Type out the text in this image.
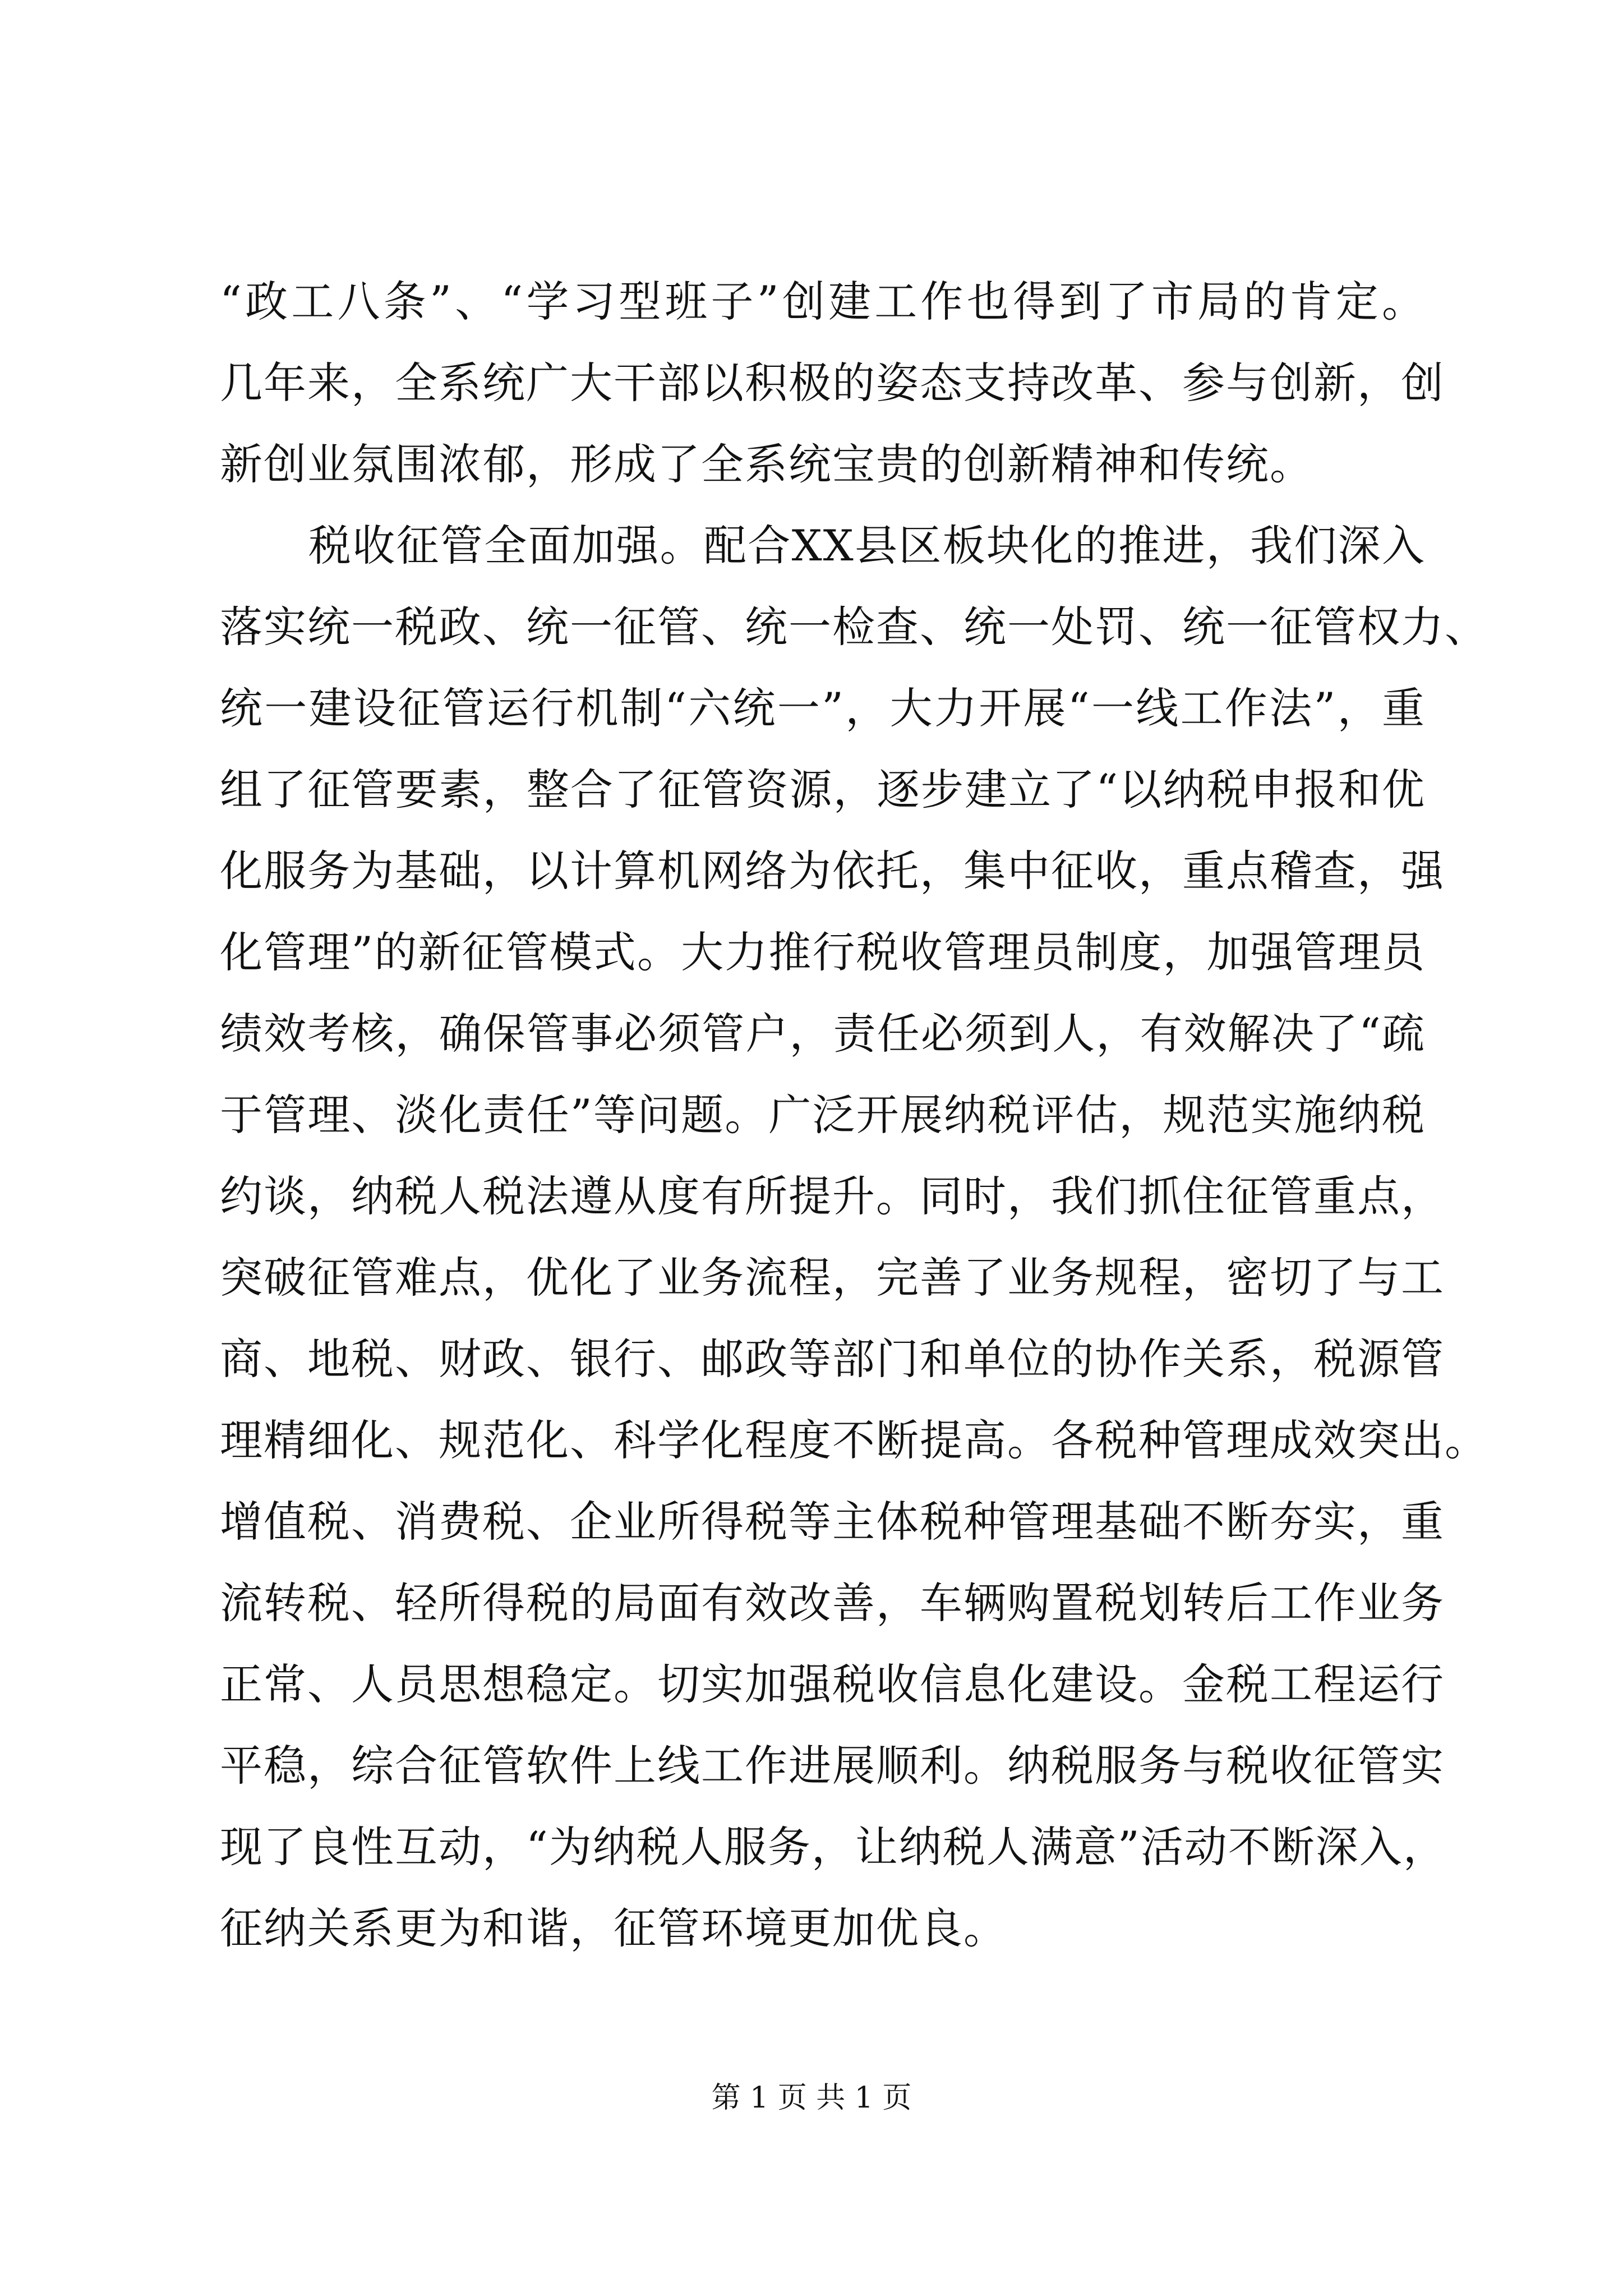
“政工八条”、“学习型班子”创建工作也得到了市局的肯定。
几年来，全系统广大干部以积极的姿态支持改革、参与创新，创
新创业氛围浓郁，形成了全系统宝贵的创新精神和传统。
税收征管全面加强。配合XX县区板块化的推进，我们深入
落实统一税政、统一征管、统一检查、统一处罚、统一征管权力、
统一建设征管运行机制“六统一”，大力开展“一线工作法”，重
组了征管要素，整合了征管资源，逐步建立了“以纳税申报和优
化服务为基础，以计算机网络为依托，集中征收，重点稽查，强
化管理”的新征管模式。大力推行税收管理员制度，加强管理员
绩效考核，确保管事必须管户，责任必须到人，有效解决了“疏
于管理、淡化责任”等问题。广泛开展纳税评估，规范实施纳税
约谈，纳税人税法遵从度有所提升。同时，我们抓住征管重点，
突破征管难点，优化了业务流程，完善了业务规程，密切了与工
商、地税、财政、银行、邮政等部门和单位的协作关系，税源管
理精细化、规范化、科学化程度不断提高。各税种管理成效突出。
增值税、消费税、企业所得税等主体税种管理基础不断夯实，重
流转税、轻所得税的局面有效改善，车辆购置税划转后工作业务
正常、人员思想稳定。切实加强税收信息化建设。金税工程运行
平稳，综合征管软件上线工作进展顺利。纳税服务与税收征管实
现了良性互动，“为纳税人服务，让纳税人满意”活动不断深入，
征纳关系更为和谐，征管环境更加优良。
第 1 页 共 1 页
